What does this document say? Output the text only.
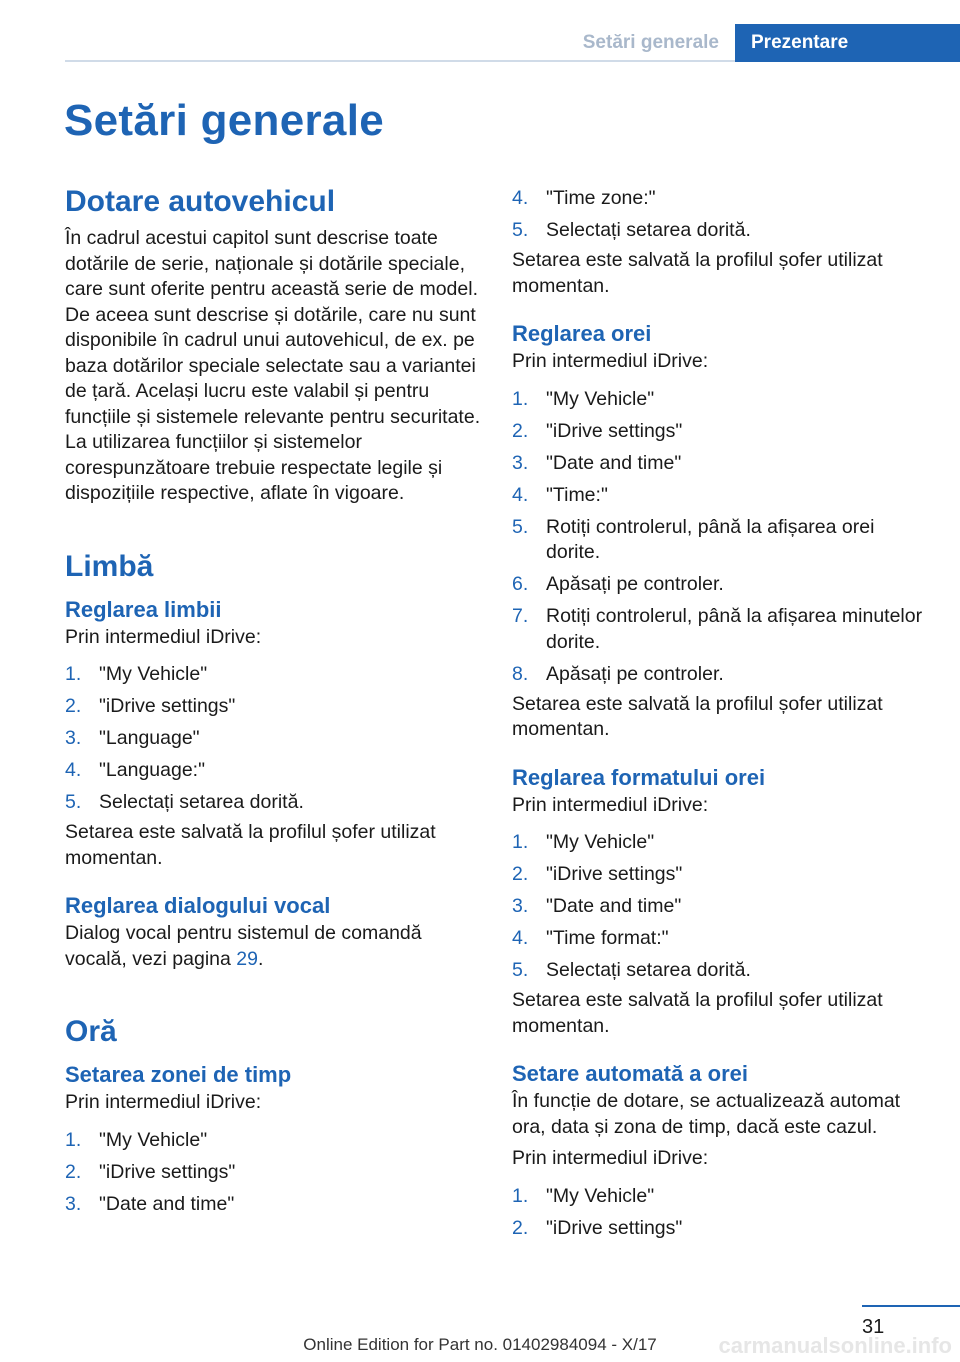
Setări generale	Prezentare
Setări generale
Dotare autovehicul

În cadrul acestui capitol sunt descrise toate dotările de serie, naționale și dotările speciale, care sunt oferite pentru această serie de model. De aceea sunt descrise și dotările, care nu sunt disponibile în cadrul unui autovehicul, de ex. pe baza dotărilor speciale selectate sau a variantei de țară. Același lucru este valabil și pentru funcțiile și sistemele relevante pentru securitate. La utilizarea funcțiilor și sistemelor corespunzătoare trebuie respectate legile și dispozițiile respective, aflate în vigoare.

Limbă
Reglarea limbii

Prin intermediul iDrive:

1. "My Vehicle"
2. "iDrive settings"
3. "Language"
4. "Language:"
5. Selectați setarea dorită.

Setarea este salvată la profilul șofer utilizat momentan.

Reglarea dialogului vocal

Dialog vocal pentru sistemul de comandă vocală, vezi pagina 29.

Oră
Setarea zonei de timp

Prin intermediul iDrive:

1. "My Vehicle"
2. "iDrive settings"
3. "Date and time"
4. "Time zone:"
5. Selectați setarea dorită.

Setarea este salvată la profilul șofer utilizat momentan.

Reglarea orei

Prin intermediul iDrive:

1. "My Vehicle"
2. "iDrive settings"
3. "Date and time"
4. "Time:"
5. Rotiți controlerul, până la afișarea orei dorite.
6. Apăsați pe controler.
7. Rotiți controlerul, până la afișarea minutelor dorite.
8. Apăsați pe controler.

Setarea este salvată la profilul șofer utilizat momentan.

Reglarea formatului orei

Prin intermediul iDrive:

1. "My Vehicle"
2. "iDrive settings"
3. "Date and time"
4. "Time format:"
5. Selectați setarea dorită.

Setarea este salvată la profilul șofer utilizat momentan.

Setare automată a orei

În funcție de dotare, se actualizează automat ora, data și zona de timp, dacă este cazul.

Prin intermediul iDrive:

1. "My Vehicle"
2. "iDrive settings"
31
Online Edition for Part no. 01402984094 - X/17	carmanualsonline.info
